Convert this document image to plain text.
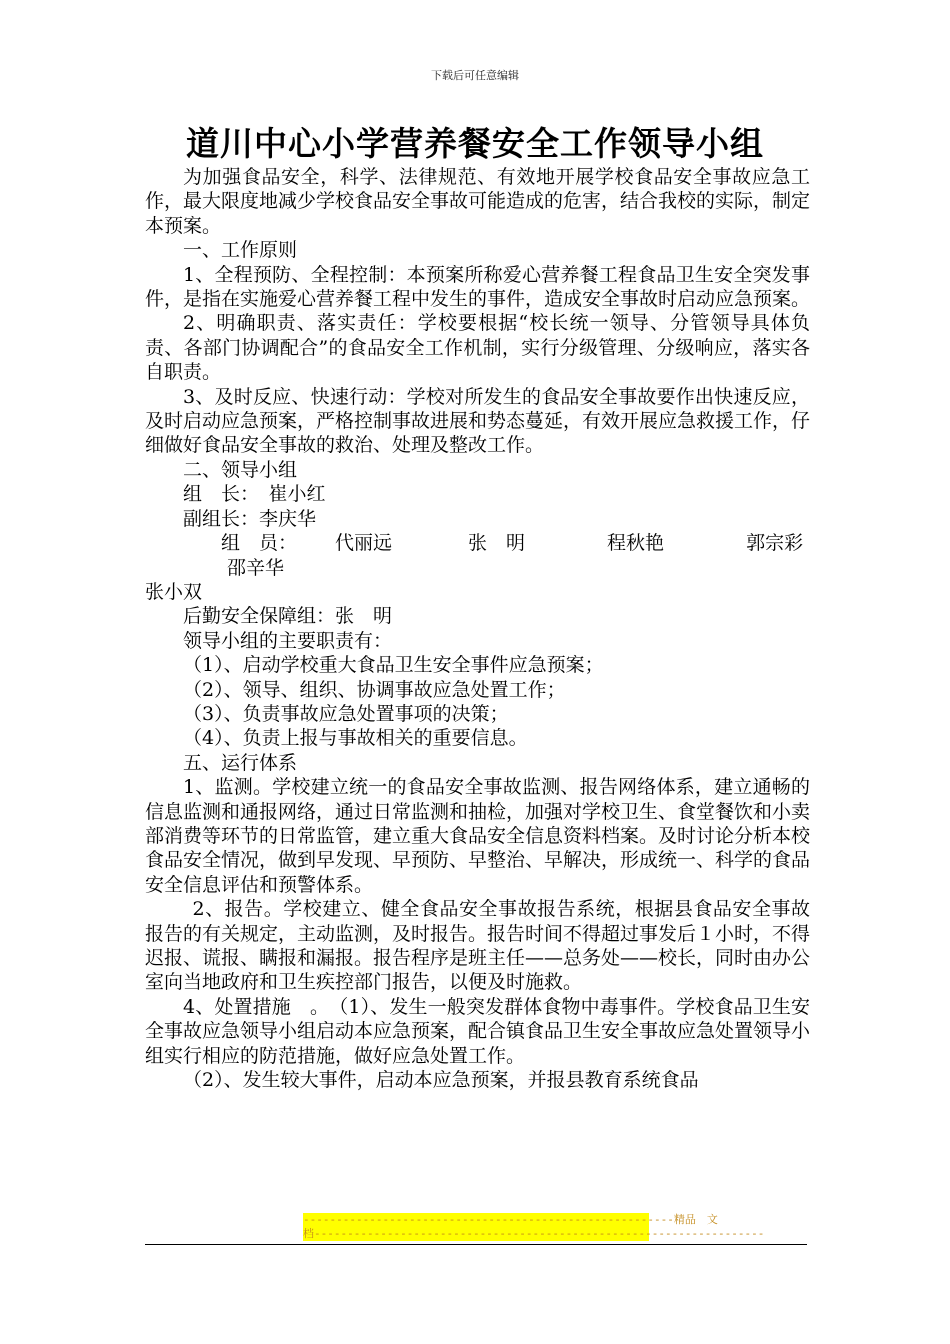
下载后可任意编辑
道川中心小学营养餐安全工作领导小组

为加强食品安全，科学、法律规范、有效地开展学校食品安全事故应急工作，最大限度地减少学校食品安全事故可能造成的危害，结合我校的实际，制定本预案。

一、工作原则

1、全程预防、全程控制：本预案所称爱心营养餐工程食品卫生安全突发事件，是指在实施爱心营养餐工程中发生的事件，造成安全事故时启动应急预案。

2、明确职责、落实责任：学校要根据“校长统一领导、分管领导具体负责、各部门协调配合”的食品安全工作机制，实行分级管理、分级响应，落实各自职责。

3、及时反应、快速行动：学校对所发生的食品安全事故要作出快速反应，及时启动应急预案，严格控制事故进展和势态蔓延，有效开展应急救援工作，仔细做好食品安全事故的救治、处理及整改工作。

二、领导小组

组　长：　崔小红

副组长：李庆华

组　员： 代丽远	张　明	程秋艳	郭宗彩邵辛华

张小双

后勤安全保障组：张　明

领导小组的主要职责有：

（1）、启动学校重大食品卫生安全事件应急预案；

（2）、领导、组织、协调事故应急处置工作；

（3）、负责事故应急处置事项的决策；

（4）、负责上报与事故相关的重要信息。

五、运行体系

1、监测。学校建立统一的食品安全事故监测、报告网络体系，建立通畅的信息监测和通报网络，通过日常监测和抽检，加强对学校卫生、食堂餐饮和小卖部消费等环节的日常监管，建立重大食品安全信息资料档案。及时讨论分析本校食品安全情况，做到早发现、早预防、早整治、早解决，形成统一、科学的食品安全信息评估和预警体系。

2、报告。学校建立、健全食品安全事故报告系统，根据县食品安全事故报告的有关规定，主动监测，及时报告。报告时间不得超过事发后１小时，不得迟报、谎报、瞒报和漏报。报告程序是班主任——总务处——校长，同时由办公室向当地政府和卫生疾控部门报告，以便及时施救。

4、处置措施　。　（1）、发生一般突发群体食物中毒事件。学校食品卫生安全事故应急领导小组启动本应急预案，配合镇食品卫生安全事故应急处置领导小组实行相应的防范措施，做好应急处置工作。

（2）、发生较大事件，启动本应急预案，并报县教育系统食品

--------------------------------------------------------精品　文
档--------------------------------------------------------------------
